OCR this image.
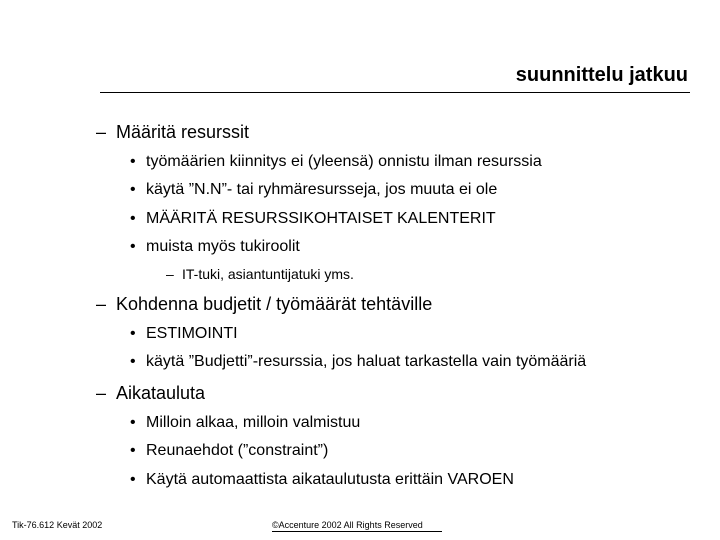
suunnittelu jatkuu
– Määritä resurssit
• työmäärien kiinnitys ei (yleensä) onnistu ilman resurssia
• käytä ”N.N”- tai ryhmäresursseja, jos muuta ei ole
• MÄÄRITÄ RESURSSIKOHTAISET KALENTERIT
• muista myös tukiroolit
– IT-tuki, asiantuntijatuki yms.
– Kohdenna budjetit / työmäärät tehtäville
• ESTIMOINTI
• käytä ”Budjetti”-resurssia, jos haluat tarkastella vain työmääriä
– Aikatauluta
• Milloin alkaa, milloin valmistuu
• Reunaehdot (”constraint”)
• Käytä automaattista aikataulutusta erittäin VAROEN
Tik-76.612 Kevät 2002	©Accenture 2002 All Rights Reserved
